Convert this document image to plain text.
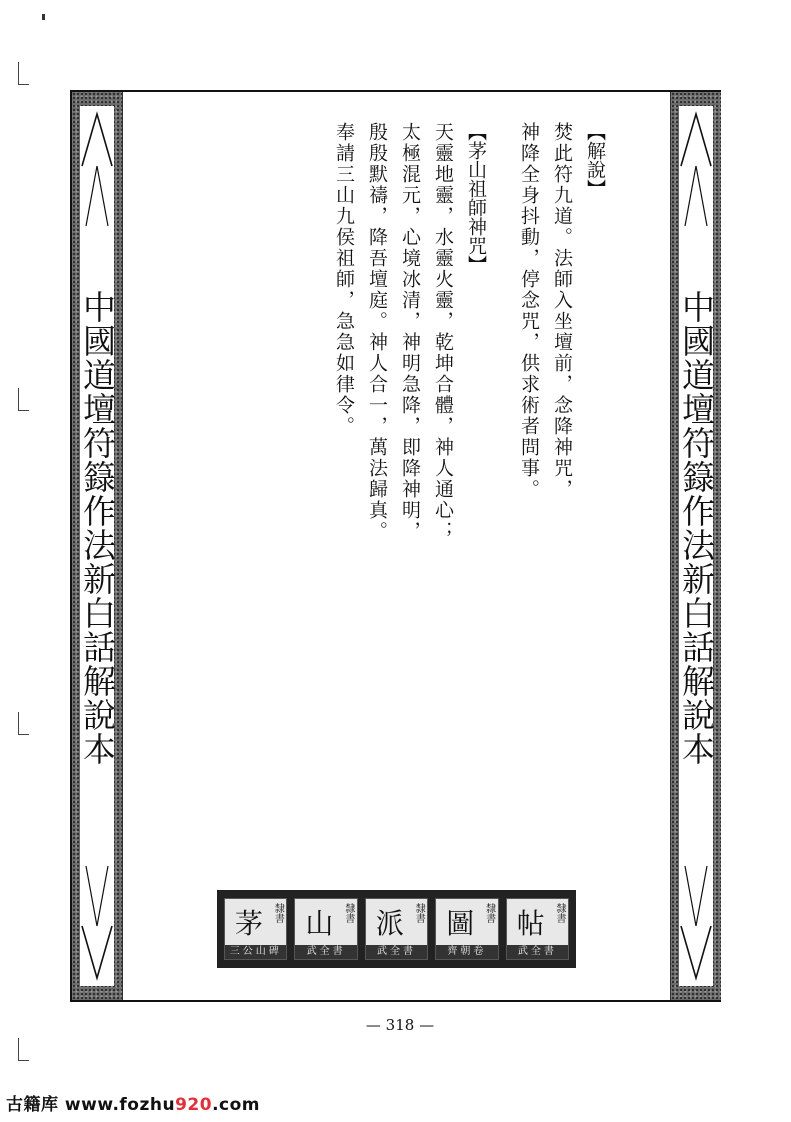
中國道壇符籙作法新白話解說本	中國道壇符籙作法新白話解說本

【解說】

焚此符九道。法師入坐壇前，念降神咒，

神降全身抖動，停念咒，供求術者問事。

【茅山祖師神咒】

天靈地靈，水靈火靈，乾坤合體，神人通心；

太極混元，心境冰清，神明急降，即降神明，

殷殷默禱，降吾壇庭。神人合一，萬法歸真。

奉請三山九侯祖師，急急如律令。

茅 隸書
三公山碑
山 隸書
武全書
派 隸書
武全書
圖 隸書
齊朝卷
帖 隸書
武全書
— 318 —
古籍库 www.fozhu920.com
